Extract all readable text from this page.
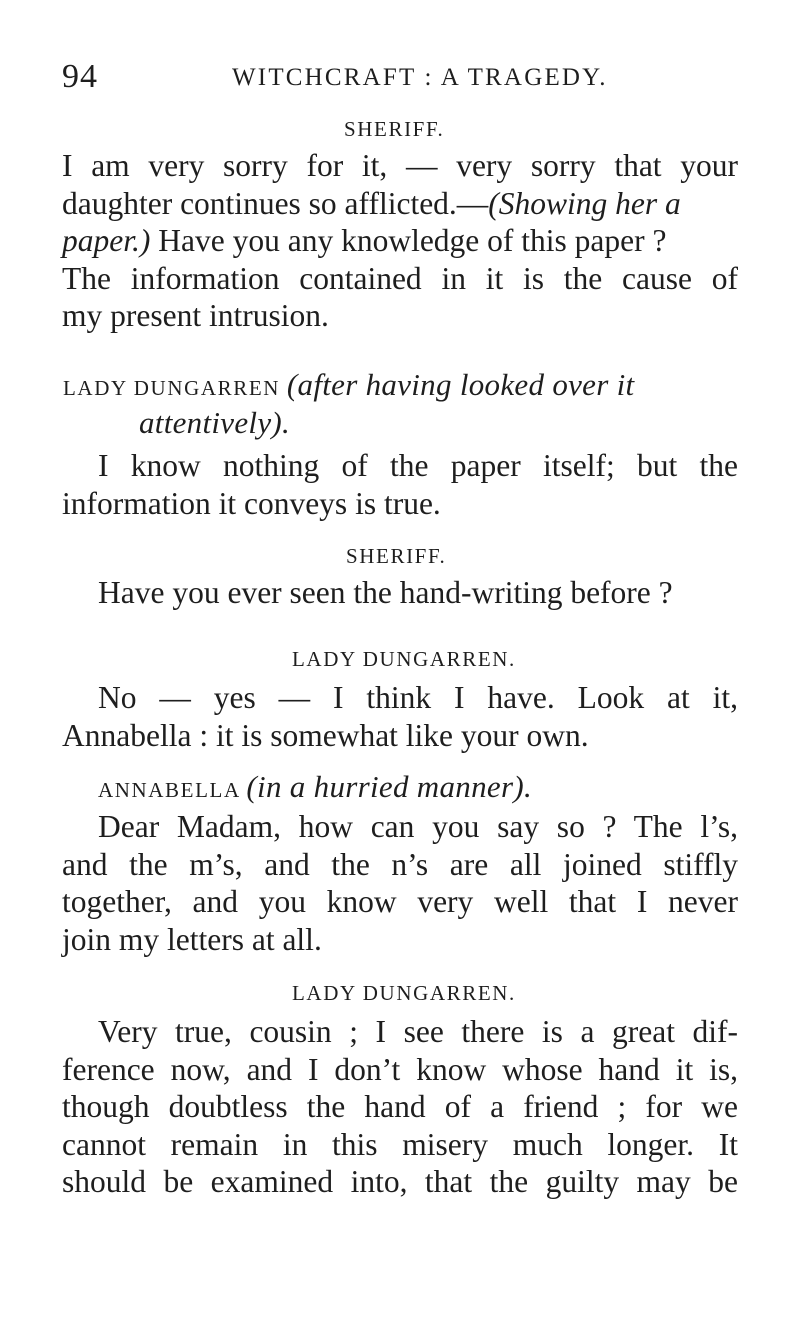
94	WITCHCRAFT : A TRAGEDY.
SHERIFF.
I am very sorry for it, — very sorry that your
daughter continues so afflicted.—(Showing her a
paper.) Have you any knowledge of this paper ?
The information contained in it is the cause of
my present intrusion.
LADY DUNGARREN (after having looked over it
attentively).
I know nothing of the paper itself; but the
information it conveys is true.
SHERIFF.
Have you ever seen the hand-writing before ?
LADY DUNGARREN.
No — yes — I think I have. Look at it,
Annabella : it is somewhat like your own.
ANNABELLA (in a hurried manner).
Dear Madam, how can you say so ? The l’s,
and the m’s, and the n’s are all joined stiffly
together, and you know very well that I never
join my letters at all.
LADY DUNGARREN.
Very true, cousin ; I see there is a great dif-
ference now, and I don’t know whose hand it is,
though doubtless the hand of a friend ; for we
cannot remain in this misery much longer. It
should be examined into, that the guilty may be
